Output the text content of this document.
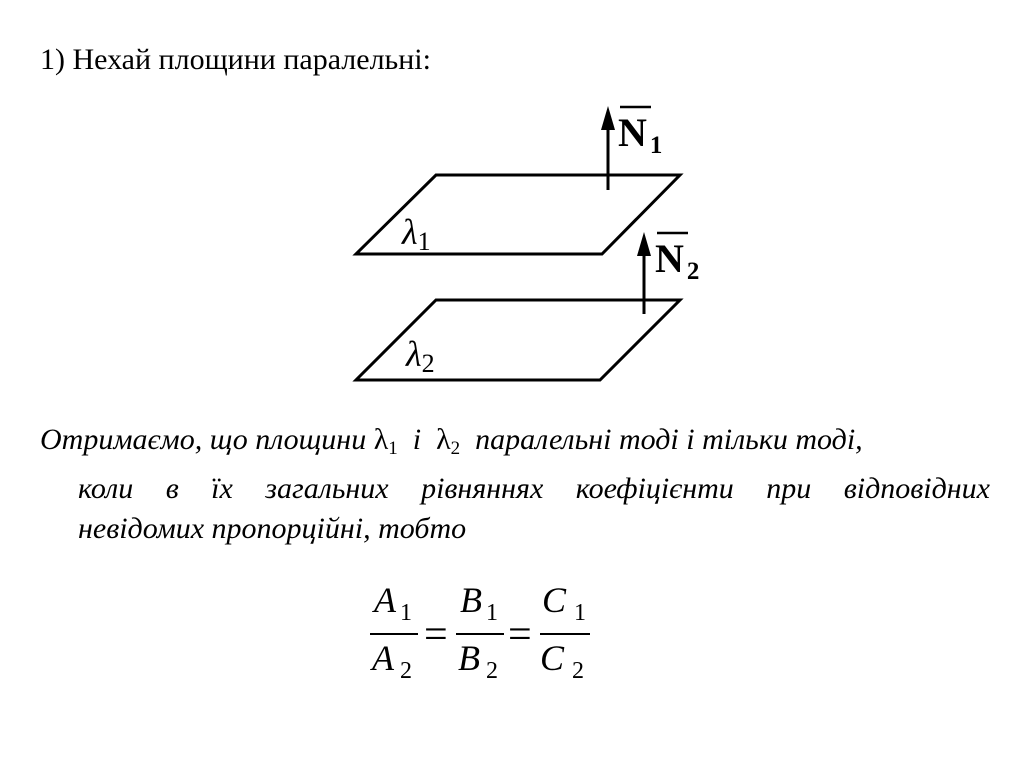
1) Нехай площини паралельні:
λ1
N 1
λ2
N 2

Отримаємо, що площини λ1 і λ2 паралельні тоді і тільки тоді,

коли в їх загальних рівняннях коефіцієнти при відповідних

невідомих пропорційні, тобто

A 1
A 2
=
B 1
B 2
=
C 1
C 2
